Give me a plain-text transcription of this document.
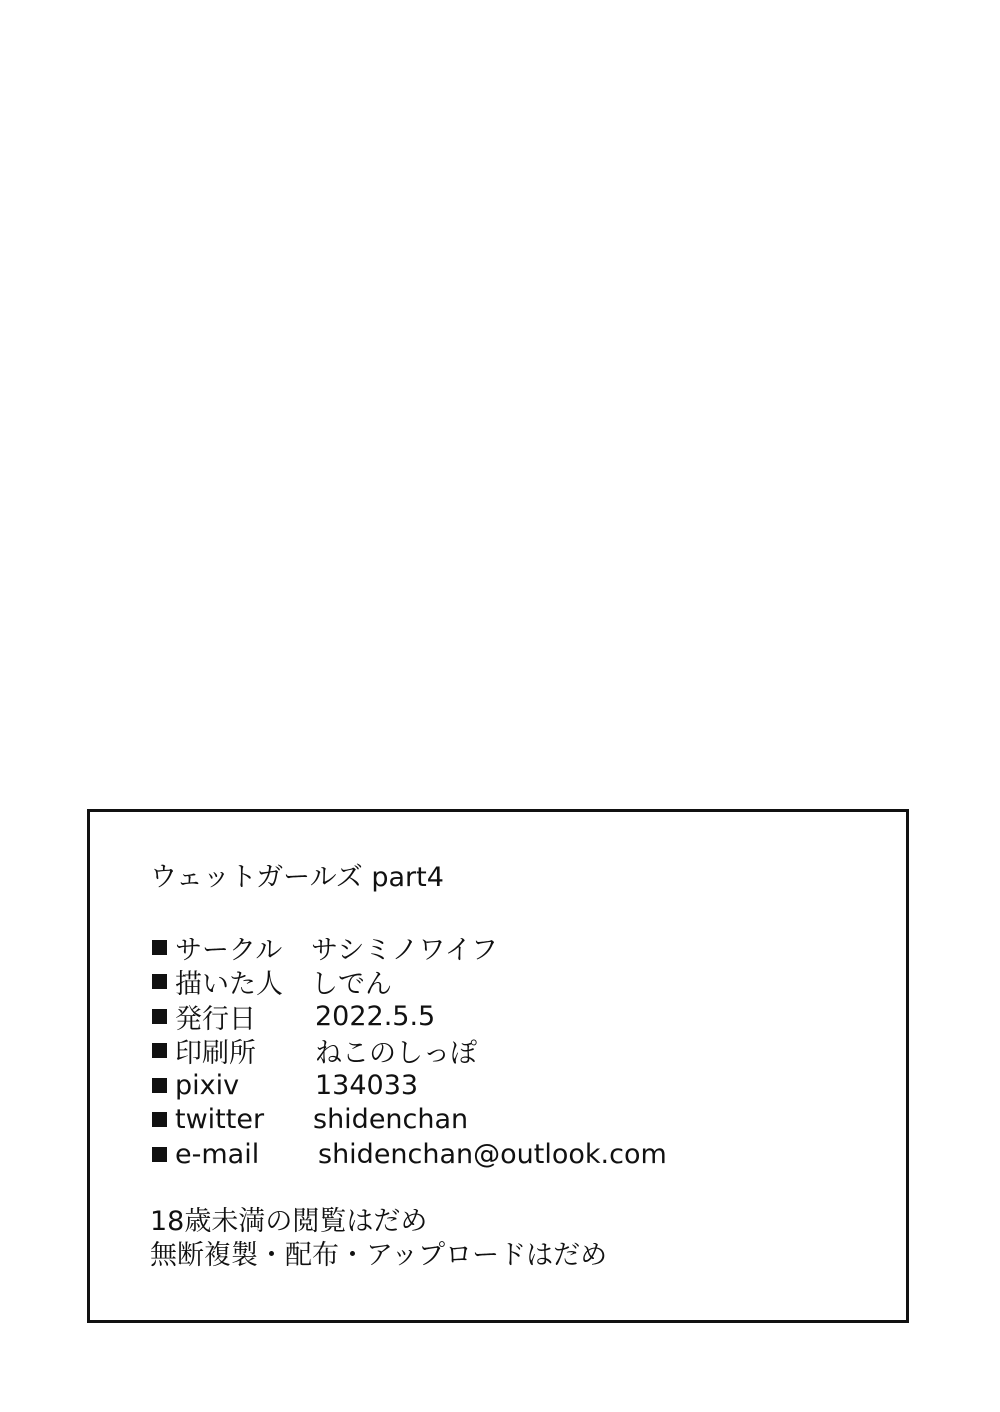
ウェットガールズ part4
サークル	サシミノワイフ
描いた人	しでん
発行日	2022.5.5
印刷所	ねこのしっぽ
pixiv	134033
twitter	shidenchan
e-mail	shidenchan@outlook.com
18歳未満の閲覧はだめ
無断複製・配布・アップロードはだめ
